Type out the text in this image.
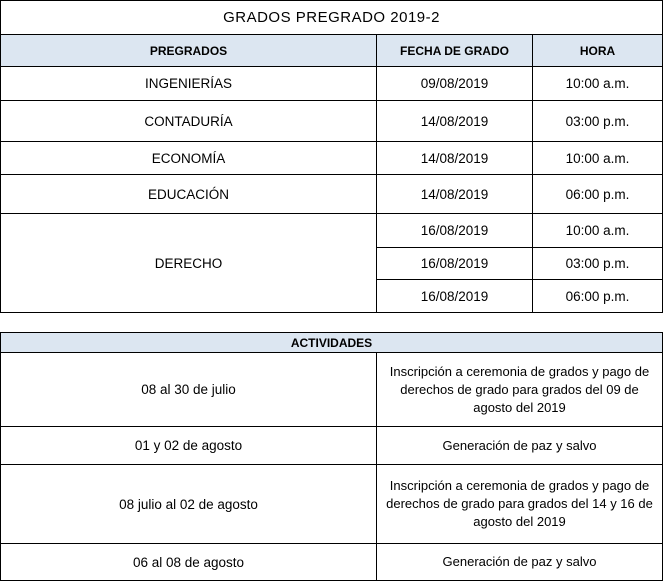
GRADOS PREGRADO 2019-2		
PREGRADOS	FECHA DE GRADO	HORA
INGENIERÍAS	09/08/2019	10:00 a.m.
CONTADURÍA	14/08/2019	03:00 p.m.
ECONOMÍA	14/08/2019	10:00 a.m.
EDUCACIÓN	14/08/2019	06:00 p.m.
DERECHO	16/08/2019	10:00 a.m.
	16/08/2019	03:00 p.m.
	16/08/2019	06:00 p.m.
ACTIVIDADES	
08 al 30 de julio	Inscripción a ceremonia de grados y pago de derechos de grado para grados del 09 de agosto del 2019
01 y 02 de agosto	Generación de paz y salvo
08 julio al 02 de agosto	Inscripción a ceremonia de grados y pago de derechos de grado para grados del 14 y 16 de agosto del 2019
06 al 08 de agosto	Generación de paz y salvo
